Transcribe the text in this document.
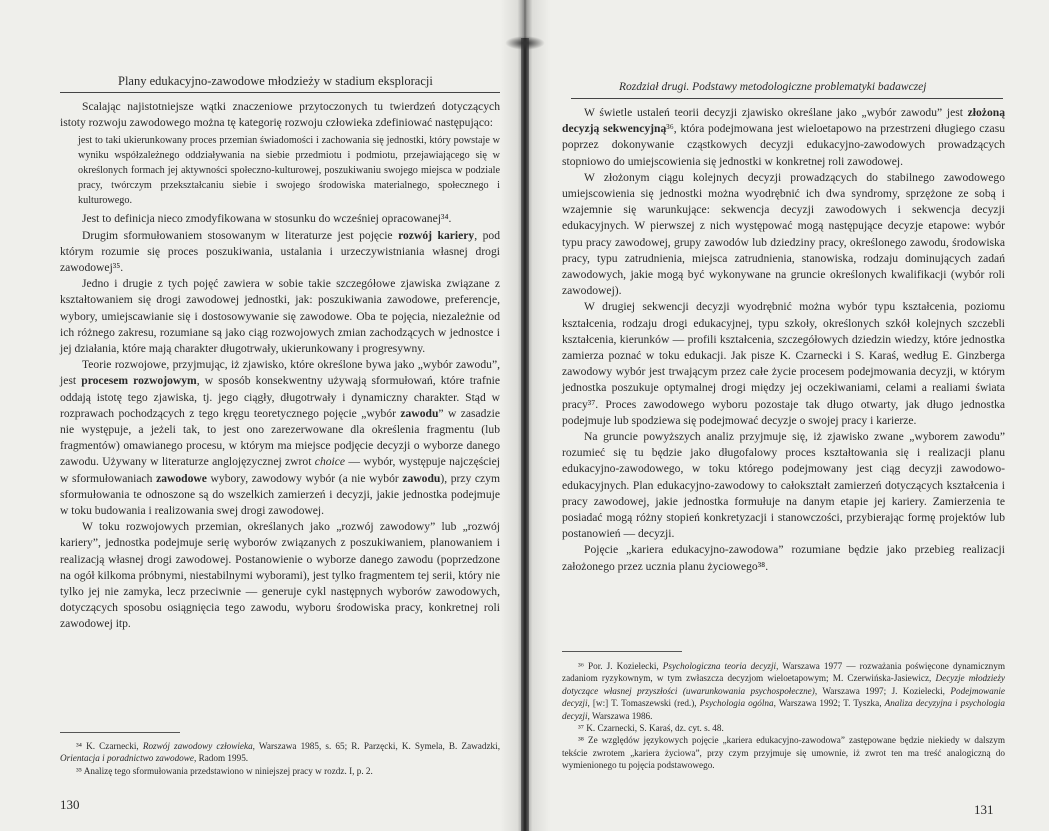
Plany edukacyjno-zawodowe młodzieży w stadium eksploracji

Scalając najistotniejsze wątki znaczeniowe przytoczonych tu twierdzeń dotyczących istoty rozwoju zawodowego można tę kategorię rozwoju człowieka zdefiniować następująco:

jest to taki ukierunkowany proces przemian świadomości i zachowania się jednostki, który powstaje w wyniku współzależnego oddziaływania na siebie przedmiotu i podmiotu, przejawiającego się w określonych formach jej aktywności społeczno-kulturowej, poszukiwaniu swojego miejsca w podziale pracy, twórczym przekształcaniu siebie i swojego środowiska materialnego, społecznego i kulturowego.

Jest to definicja nieco zmodyfikowana w stosunku do wcześniej opracowanej³⁴.

Drugim sformułowaniem stosowanym w literaturze jest pojęcie rozwój kariery, pod którym rozumie się proces poszukiwania, ustalania i urzeczywistniania własnej drogi zawodowej³⁵.

Jedno i drugie z tych pojęć zawiera w sobie takie szczegółowe zjawiska związane z kształtowaniem się drogi zawodowej jednostki, jak: poszukiwania zawodowe, preferencje, wybory, umiejscawianie się i dostosowywanie się zawodowe. Oba te pojęcia, niezależnie od ich różnego zakresu, rozumiane są jako ciąg rozwojowych zmian zachodzących w jednostce i jej działania, które mają charakter długotrwały, ukierunkowany i progresywny.

Teorie rozwojowe, przyjmując, iż zjawisko, które określone bywa jako „wybór zawodu”, jest procesem rozwojowym, w sposób konsekwentny używają sformułowań, które trafnie oddają istotę tego zjawiska, tj. jego ciągły, długotrwały i dynamiczny charakter. Stąd w rozprawach pochodzących z tego kręgu teoretycznego pojęcie „wybór zawodu” w zasadzie nie występuje, a jeżeli tak, to jest ono zarezerwowane dla określenia fragmentu (lub fragmentów) omawianego procesu, w którym ma miejsce podjęcie decyzji o wyborze danego zawodu. Używany w literaturze anglojęzycznej zwrot choice — wybór, występuje najczęściej w sformułowaniach zawodowe wybory, zawodowy wybór (a nie wybór zawodu), przy czym sformułowania te odnoszone są do wszelkich zamierzeń i decyzji, jakie jednostka podejmuje w toku budowania i realizowania swej drogi zawodowej.

W toku rozwojowych przemian, określanych jako „rozwój zawodowy” lub „rozwój kariery”, jednostka podejmuje serię wyborów związanych z poszukiwaniem, planowaniem i realizacją własnej drogi zawodowej. Postanowienie o wyborze danego zawodu (poprzedzone na ogół kilkoma próbnymi, niestabilnymi wyborami), jest tylko fragmentem tej serii, który nie tylko jej nie zamyka, lecz przeciwnie — generuje cykl następnych wyborów zawodowych, dotyczących sposobu osiągnięcia tego zawodu, wyboru środowiska pracy, konkretnej roli zawodowej itp.

³⁴ K. Czarnecki, Rozwój zawodowy człowieka, Warszawa 1985, s. 65; R. Parzęcki, K. Symela, B. Zawadzki, Orientacja i poradnictwo zawodowe, Radom 1995.

³⁵ Analizę tego sformułowania przedstawiono w niniejszej pracy w rozdz. I, p. 2.

130
Rozdział drugi. Podstawy metodologiczne problematyki badawczej

W świetle ustaleń teorii decyzji zjawisko określane jako „wybór zawodu” jest złożoną decyzją sekwencyjną³⁶, która podejmowana jest wieloetapowo na przestrzeni długiego czasu poprzez dokonywanie cząstkowych decyzji edukacyjno-zawodowych prowadzących stopniowo do umiejscowienia się jednostki w konkretnej roli zawodowej.

W złożonym ciągu kolejnych decyzji prowadzących do stabilnego zawodowego umiejscowienia się jednostki można wyodrębnić ich dwa syndromy, sprzężone ze sobą i wzajemnie się warunkujące: sekwencja decyzji zawodowych i sekwencja decyzji edukacyjnych. W pierwszej z nich występować mogą następujące decyzje etapowe: wybór typu pracy zawodowej, grupy zawodów lub dziedziny pracy, określonego zawodu, środowiska pracy, typu zatrudnienia, miejsca zatrudnienia, stanowiska, rodzaju dominujących zadań zawodowych, jakie mogą być wykonywane na gruncie określonych kwalifikacji (wybór roli zawodowej).

W drugiej sekwencji decyzji wyodrębnić można wybór typu kształcenia, poziomu kształcenia, rodzaju drogi edukacyjnej, typu szkoły, określonych szkół kolejnych szczebli kształcenia, kierunków — profili kształcenia, szczegółowych dziedzin wiedzy, które jednostka zamierza poznać w toku edukacji. Jak pisze K. Czarnecki i S. Karaś, według E. Ginzberga zawodowy wybór jest trwającym przez całe życie procesem podejmowania decyzji, w którym jednostka poszukuje optymalnej drogi między jej oczekiwaniami, celami a realiami świata pracy³⁷. Proces zawodowego wyboru pozostaje tak długo otwarty, jak długo jednostka podejmuje lub spodziewa się podejmować decyzje o swojej pracy i karierze.

Na gruncie powyższych analiz przyjmuje się, iż zjawisko zwane „wyborem zawodu” rozumieć się tu będzie jako długofalowy proces kształtowania się i realizacji planu edukacyjno-zawodowego, w toku którego podejmowany jest ciąg decyzji zawodowo-edukacyjnych. Plan edukacyjno-zawodowy to całokształt zamierzeń dotyczących kształcenia i pracy zawodowej, jakie jednostka formułuje na danym etapie jej kariery. Zamierzenia te posiadać mogą różny stopień konkretyzacji i stanowczości, przybierając formę projektów lub postanowień — decyzji.

Pojęcie „kariera edukacyjno-zawodowa” rozumiane będzie jako przebieg realizacji założonego przez ucznia planu życiowego³⁸.

³⁶ Por. J. Kozielecki, Psychologiczna teoria decyzji, Warszawa 1977 — rozważania poświęcone dynamicznym zadaniom ryzykownym, w tym zwłaszcza decyzjom wieloetapowym; M. Czerwińska-Jasiewicz, Decyzje młodzieży dotyczące własnej przyszłości (uwarunkowania psychospołeczne), Warszawa 1997; J. Kozielecki, Podejmowanie decyzji, [w:] T. Tomaszewski (red.), Psychologia ogólna, Warszawa 1992; T. Tyszka, Analiza decyzyjna i psychologia decyzji, Warszawa 1986.

³⁷ K. Czarnecki, S. Karaś, dz. cyt. s. 48.

³⁸ Ze względów językowych pojęcie „kariera edukacyjno-zawodowa” zastępowane będzie niekiedy w dalszym tekście zwrotem „kariera życiowa”, przy czym przyjmuje się umownie, iż zwrot ten ma treść analogiczną do wymienionego tu pojęcia podstawowego.

131
